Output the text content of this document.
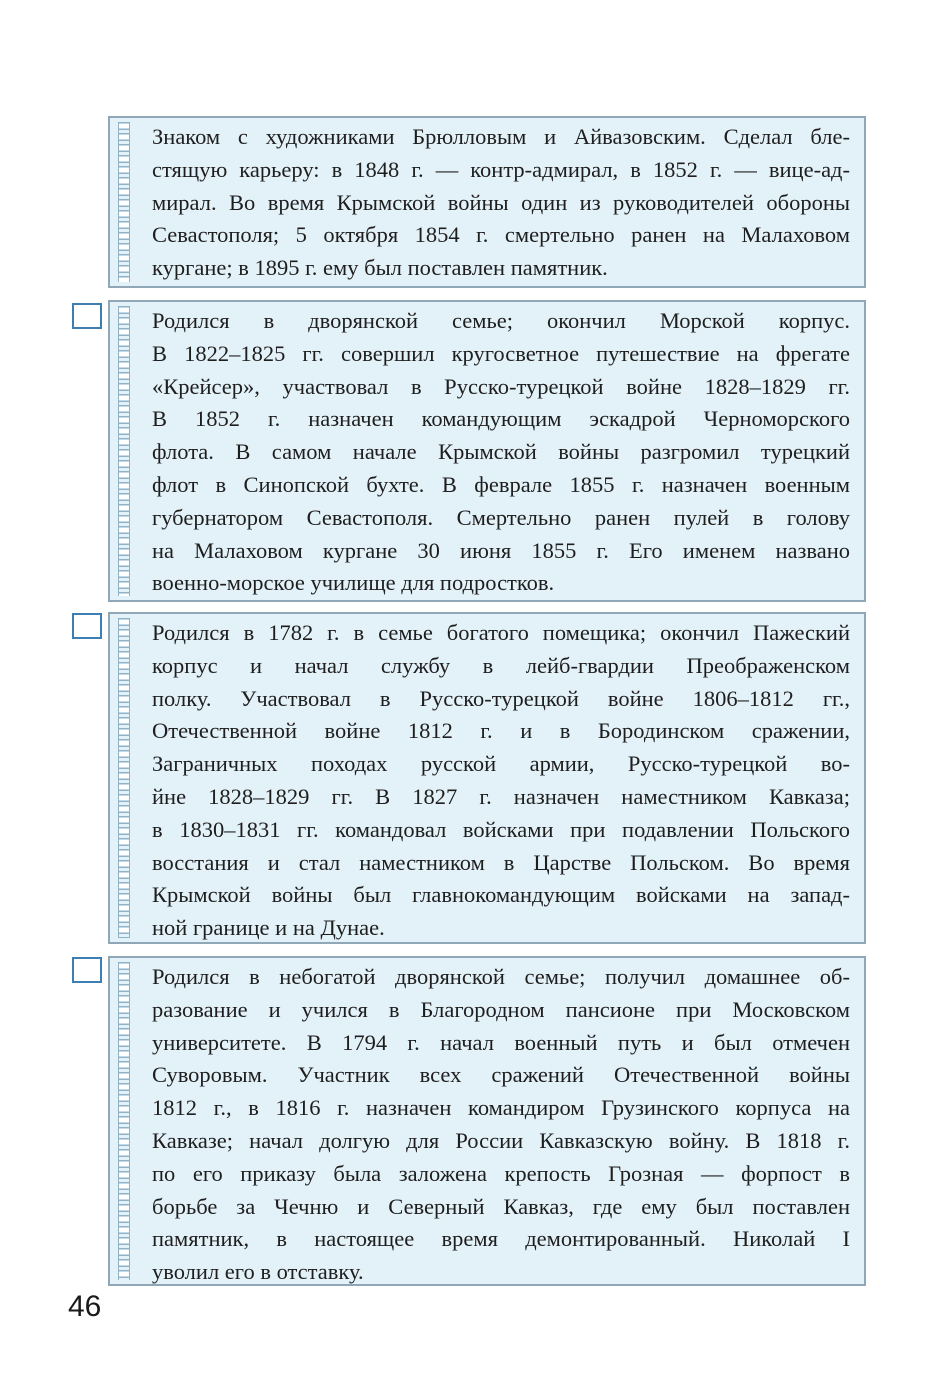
Знаком с художниками Брюлловым и Айвазовским. Сделал бле-
стящую карьеру: в 1848 г. — контр-адмирал, в 1852 г. — вице-ад-
мирал. Во время Крымской войны один из руководителей обороны
Севастополя; 5 октября 1854 г. смертельно ранен на Малаховом
кургане; в 1895 г. ему был поставлен памятник.
Родился в дворянской семье; окончил Морской корпус.
В 1822–1825 гг. совершил кругосветное путешествие на фрегате
«Крейсер», участвовал в Русско-турецкой войне 1828–1829 гг.
В 1852 г. назначен командующим эскадрой Черноморского
флота. В самом начале Крымской войны разгромил турецкий
флот в Синопской бухте. В феврале 1855 г. назначен военным
губернатором Севастополя. Смертельно ранен пулей в голову
на Малаховом кургане 30 июня 1855 г. Его именем названо
военно-морское училище для подростков.
Родился в 1782 г. в семье богатого помещика; окончил Пажеский
корпус и начал службу в лейб-гвардии Преображенском
полку. Участвовал в Русско-турецкой войне 1806–1812 гг.,
Отечественной войне 1812 г. и в Бородинском сражении,
Заграничных походах русской армии, Русско-турецкой во-
йне 1828–1829 гг. В 1827 г. назначен наместником Кавказа;
в 1830–1831 гг. командовал войсками при подавлении Польского
восстания и стал наместником в Царстве Польском. Во время
Крымской войны был главнокомандующим войсками на запад-
ной границе и на Дунае.
Родился в небогатой дворянской семье; получил домашнее об-
разование и учился в Благородном пансионе при Московском
университете. В 1794 г. начал военный путь и был отмечен
Суворовым. Участник всех сражений Отечественной войны
1812 г., в 1816 г. назначен командиром Грузинского корпуса на
Кавказе; начал долгую для России Кавказскую войну. В 1818 г.
по его приказу была заложена крепость Грозная — форпост в
борьбе за Чечню и Северный Кавказ, где ему был поставлен
памятник, в настоящее время демонтированный. Николай I
уволил его в отставку.
46
